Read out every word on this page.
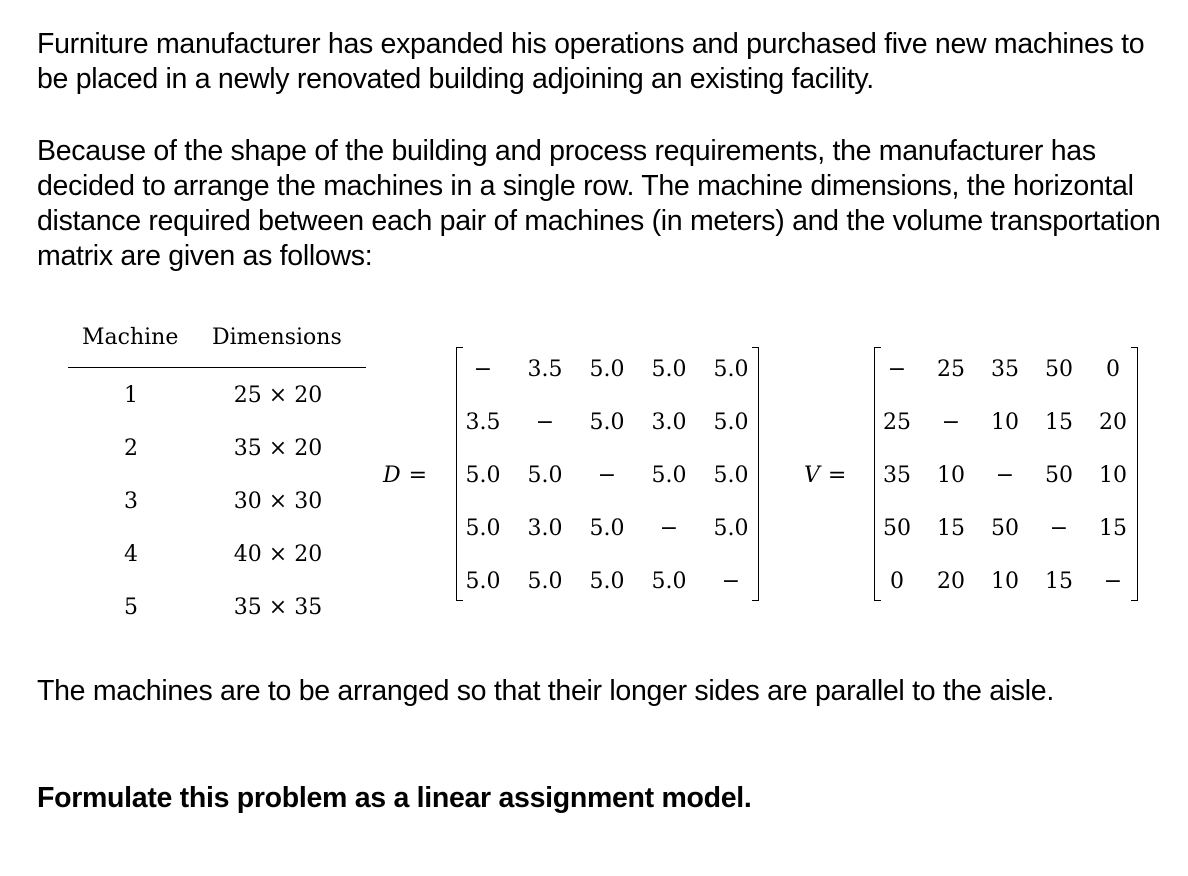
Furniture manufacturer has expanded his operations and purchased five new machines to be placed in a newly renovated building adjoining an existing facility.

Because of the shape of the building and process requirements, the manufacturer has decided to arrange the machines in a single row. The machine dimensions, the horizontal distance required between each pair of machines (in meters) and the volume transportation matrix are given as follows:

Machine Dimensions
1	25 × 20
2	35 × 20
3	30 × 30
4	40 × 20
5	35 × 35
D =
−	3.5	5.0	5.0	5.0
3.5	−	5.0	3.0	5.0
5.0	5.0	−	5.0	5.0
5.0	3.0	5.0	−	5.0
5.0	5.0	5.0	5.0	−
V =
−	25	35	50	0
25	−	10	15	20
35	10	−	50	10
50	15	50	−	15
0	20	10	15	−

The machines are to be arranged so that their longer sides are parallel to the aisle.

Formulate this problem as a linear assignment model.
